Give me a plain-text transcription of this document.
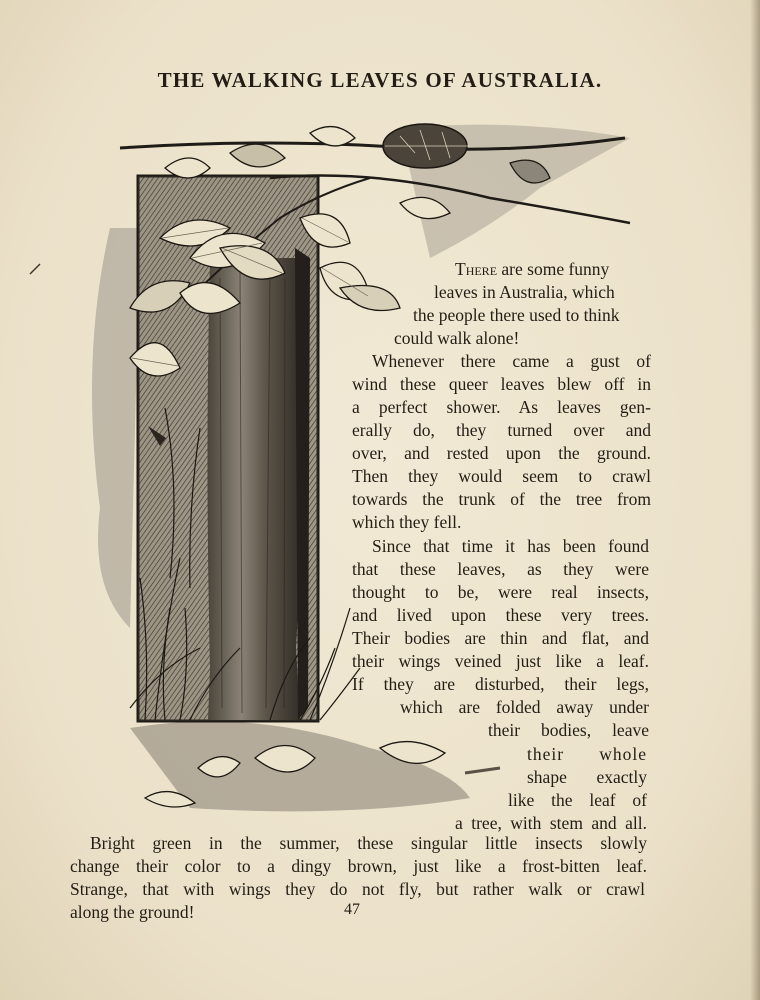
THE WALKING LEAVES OF AUSTRALIA.
There are some funny
leaves in Australia, which
the people there used to think
could walk alone!
Whenever there came a gust of
wind these queer leaves blew off in
a perfect shower. As leaves gen-
erally do, they turned over and
over, and rested upon the ground.
Then they would seem to crawl
towards the trunk of the tree from
which they fell.
Since that time it has been found
that these leaves, as they were
thought to be, were real insects,
and lived upon these very trees.
Their bodies are thin and flat, and
their wings veined just like a leaf.
If they are disturbed, their legs,
which are folded away under
their bodies, leave
their whole
shape exactly
like the leaf of
a tree, with stem and all.
Bright green in the summer, these singular little insects slowly
change their color to a dingy brown, just like a frost-bitten leaf.
Strange, that with wings they do not fly, but rather walk or crawl
along the ground!	47
